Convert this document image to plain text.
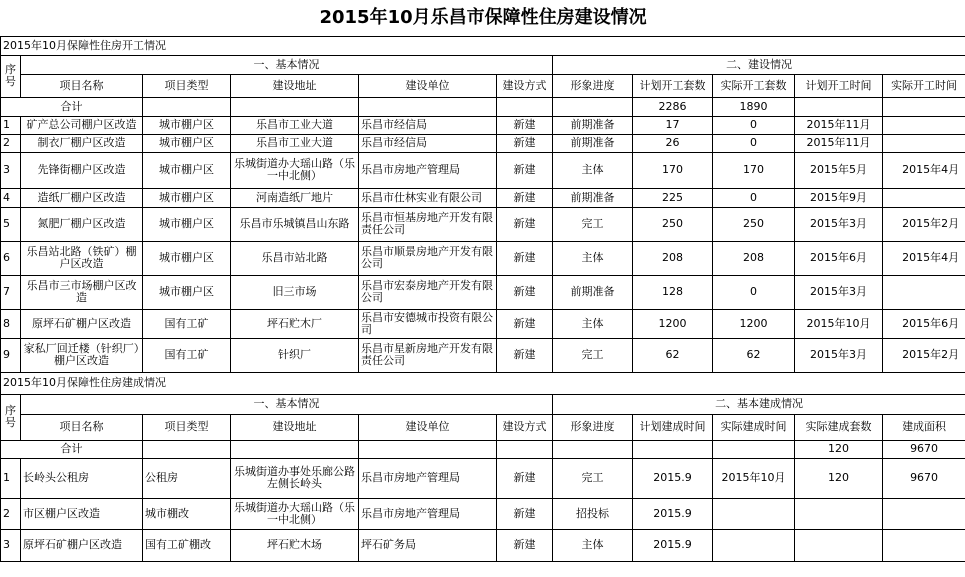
2015年10月乐昌市保障性住房建设情况										
2015年10月保障性住房开工情况										
序号	一、基本情况					二、建设情况				
	项目名称	项目类型	建设地址	建设单位	建设方式	形象进度	计划开工套数	实际开工套数	计划开工时间	实际开工时间
合计							2286	1890		
1	矿产总公司棚户区改造	城市棚户区	乐昌市工业大道	乐昌市经信局	新建	前期准备	17	0	2015年11月	
2	制衣厂棚户区改造	城市棚户区	乐昌市工业大道	乐昌市经信局	新建	前期准备	26	0	2015年11月	
3	先锋街棚户区改造	城市棚户区	乐城街道办大瑶山路（乐一中北侧）	乐昌市房地产管理局	新建	主体	170	170	2015年5月	2015年4月
4	造纸厂棚户区改造	城市棚户区	河南造纸厂地片	乐昌市仕林实业有限公司	新建	前期准备	225	0	2015年9月	
5	氮肥厂棚户区改造	城市棚户区	乐昌市乐城镇昌山东路	乐昌市恒基房地产开发有限责任公司	新建	完工	250	250	2015年3月	2015年2月
6	乐昌站北路（铁矿）棚户区改造	城市棚户区	乐昌市站北路	乐昌市顺景房地产开发有限公司	新建	主体	208	208	2015年6月	2015年4月
7	乐昌市三市场棚户区改造	城市棚户区	旧三市场	乐昌市宏泰房地产开发有限公司	新建	前期准备	128	0	2015年3月	
8	原坪石矿棚户区改造	国有工矿	坪石贮木厂	乐昌市安德城市投资有限公司	新建	主体	1200	1200	2015年10月	2015年6月
9	家私厂回迁楼（针织厂）棚户区改造	国有工矿	针织厂	乐昌市星新房地产开发有限责任公司	新建	完工	62	62	2015年3月	2015年2月
2015年10月保障性住房建成情况										
序号	一、基本情况					二、基本建成情况				
	项目名称	项目类型	建设地址	建设单位	建设方式	形象进度	计划建成时间	实际建成时间	实际建成套数	建成面积
合计									120	9670
1	长岭头公租房	公租房	乐城街道办事处乐廊公路左侧长岭头	乐昌市房地产管理局	新建	完工	2015.9	2015年10月	120	9670
2	市区棚户区改造	城市棚改	乐城街道办大瑶山路（乐一中北侧）	乐昌市房地产管理局	新建	招投标	2015.9			
3	原坪石矿棚户区改造	国有工矿棚改	坪石贮木场	坪石矿务局	新建	主体	2015.9			
